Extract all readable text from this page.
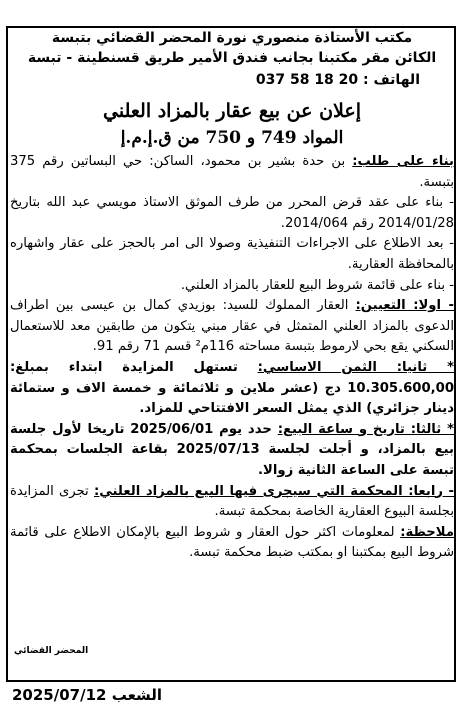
مكتب الأستاذة منصوري نورة المحضر القضائي بتبسة
الكائن مقر مكتبنا بجانب فندق الأمير طريق قسنطينة - تبسة
الهاتف : 037 58 18 20
إعلان عن بيع عقار بالمزاد العلني
المواد 749 و 750 من ق.إ.م.إ

بناء على طلب: بن حدة بشير بن محمود، الساكن: حي البساتين رقم 375 بتبسة.

- بناء على عقد قرض المحرر من طرف الموثق الاستاذ مويسي عبد الله بتاريخ 2014/01/28 رقم 2014/064.

- بعد الاطلاع على الاجراءات التنفيذية وصولا الى امر بالحجز على عقار واشهاره بالمحافظة العقارية.

- بناء على قائمة شروط البيع للعقار بالمزاد العلني.

- اولا: التعيين: العقار المملوك للسيد: بوزيدي كمال بن عيسى بين اطراف الدعوى بالمزاد العلني المتمثل في عقار مبني يتكون من طابقين معد للاستعمال السكني يقع بحي لارموط بتبسة مساحته 116م² قسم 71 رقم 91.

* ثانيا: الثمن الاساسي: تستهل المزايدة ابتداء بمبلغ: 10.305.600,00 دج (عشر ملاين و ثلاثمائة و خمسة الاف و ستمائة دينار جزائري) الذي يمثل السعر الافتتاحي للمزاد.

* ثالثا: تاريخ و ساعة البيع: حدد يوم 2025/06/01 تاريخا لأول جلسة بيع بالمزاد، و أجلت لجلسة 2025/07/13 بقاعة الجلسات بمحكمة تبسة على الساعة الثانية زوالا.

- رابعا: المحكمة التي سيجرى فيها البيع بالمزاد العلني: تجرى المزايدة بجلسة البيوع العقارية الخاصة بمحكمة تبسة.

ملاحظة: لمعلومات اكثر حول العقار و شروط البيع بالإمكان الاطلاع على قائمة شروط البيع بمكتبنا او بمكتب ضبط محكمة تبسة.

المحضر القضائي
الشعب 2025/07/12
